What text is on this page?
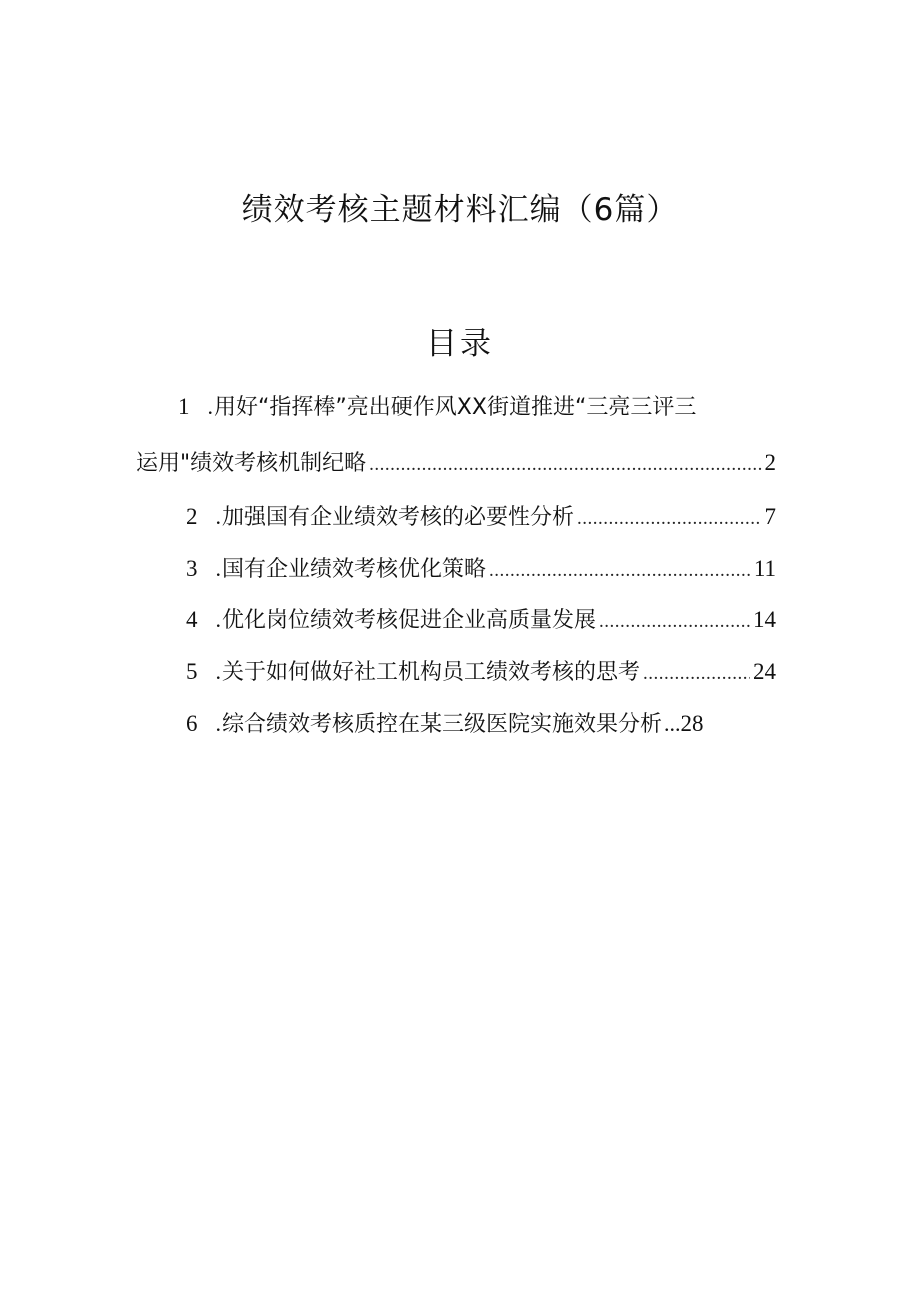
绩效考核主题材料汇编（6篇）
目录
1 . 用好“指挥棒”亮出硬作风XX街道推进“三亮三评三
运用"绩效考核机制纪略 .....	2
2 . 加强国有企业绩效考核的必要性分析 .....	7
3 . 国有企业绩效考核优化策略 .....	11
4 . 优化岗位绩效考核促进企业高质量发展 .....	14
5 . 关于如何做好社工机构员工绩效考核的思考 .....	24
6 . 综合绩效考核质控在某三级医院实施效果分析 ... 28
